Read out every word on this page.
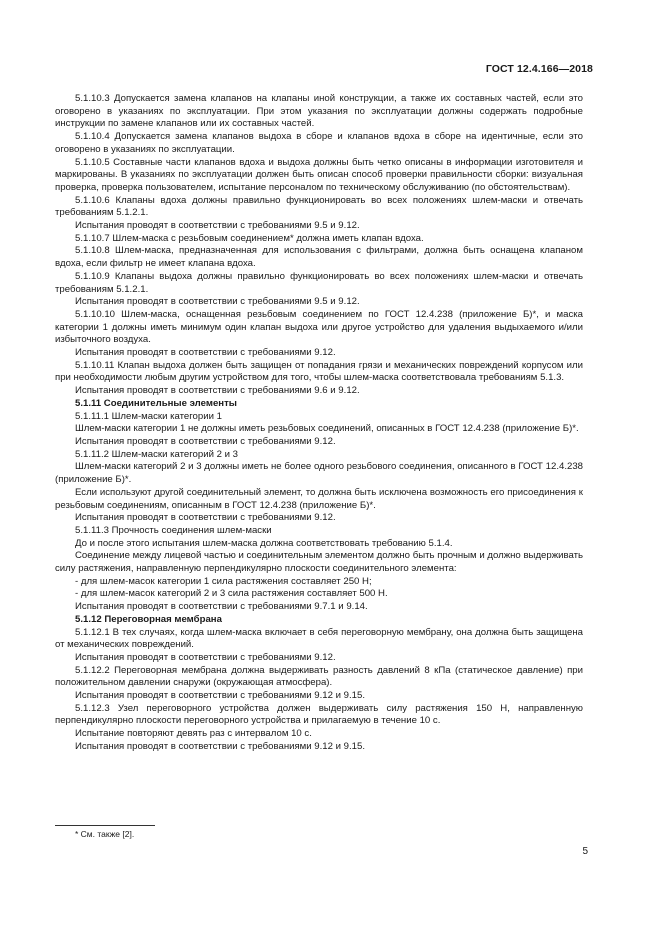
ГОСТ 12.4.166—2018

5.1.10.3 Допускается замена клапанов на клапаны иной конструкции, а также их составных частей, если это оговорено в указаниях по эксплуатации. При этом указания по эксплуатации должны содержать подробные инструкции по замене клапанов или их составных частей.

5.1.10.4 Допускается замена клапанов выдоха в сборе и клапанов вдоха в сборе на идентичные, если это оговорено в указаниях по эксплуатации.

5.1.10.5 Составные части клапанов вдоха и выдоха должны быть четко описаны в информации изготовителя и маркированы. В указаниях по эксплуатации должен быть описан способ проверки правильности сборки: визуальная проверка, проверка пользователем, испытание персоналом по техническому обслуживанию (по обстоятельствам).

5.1.10.6 Клапаны вдоха должны правильно функционировать во всех положениях шлем-маски и отвечать требованиям 5.1.2.1.

Испытания проводят в соответствии с требованиями 9.5 и 9.12.

5.1.10.7 Шлем-маска с резьбовым соединением* должна иметь клапан вдоха.

5.1.10.8 Шлем-маска, предназначенная для использования с фильтрами, должна быть оснащена клапаном вдоха, если фильтр не имеет клапана вдоха.

5.1.10.9 Клапаны выдоха должны правильно функционировать во всех положениях шлем-маски и отвечать требованиям 5.1.2.1.

Испытания проводят в соответствии с требованиями 9.5 и 9.12.

5.1.10.10 Шлем-маска, оснащенная резьбовым соединением по ГОСТ 12.4.238 (приложение Б)*, и маска категории 1 должны иметь минимум один клапан выдоха или другое устройство для удаления выдыхаемого и/или избыточного воздуха.

Испытания проводят в соответствии с требованиями 9.12.

5.1.10.11 Клапан выдоха должен быть защищен от попадания грязи и механических повреждений корпусом или при необходимости любым другим устройством для того, чтобы шлем-маска соответствовала требованиям 5.1.3.

Испытания проводят в соответствии с требованиями 9.6 и 9.12.

5.1.11 Соединительные элементы

5.1.11.1 Шлем-маски категории 1

Шлем-маски категории 1 не должны иметь резьбовых соединений, описанных в ГОСТ 12.4.238 (приложение Б)*.

Испытания проводят в соответствии с требованиями 9.12.

5.1.11.2 Шлем-маски категорий 2 и 3

Шлем-маски категорий 2 и 3 должны иметь не более одного резьбового соединения, описанного в ГОСТ 12.4.238 (приложение Б)*.

Если используют другой соединительный элемент, то должна быть исключена возможность его присоединения к резьбовым соединениям, описанным в ГОСТ 12.4.238 (приложение Б)*.

Испытания проводят в соответствии с требованиями 9.12.

5.1.11.3 Прочность соединения шлем-маски

До и после этого испытания шлем-маска должна соответствовать требованию 5.1.4.

Соединение между лицевой частью и соединительным элементом должно быть прочным и должно выдерживать силу растяжения, направленную перпендикулярно плоскости соединительного элемента:

- для шлем-масок категории 1 сила растяжения составляет 250 Н;

- для шлем-масок категорий 2 и 3 сила растяжения составляет 500 Н.

Испытания проводят в соответствии с требованиями 9.7.1 и 9.14.

5.1.12 Переговорная мембрана

5.1.12.1 В тех случаях, когда шлем-маска включает в себя переговорную мембрану, она должна быть защищена от механических повреждений.

Испытания проводят в соответствии с требованиями 9.12.

5.1.12.2 Переговорная мембрана должна выдерживать разность давлений 8 кПа (статическое давление) при положительном давлении снаружи (окружающая атмосфера).

Испытания проводят в соответствии с требованиями 9.12 и 9.15.

5.1.12.3 Узел переговорного устройства должен выдерживать силу растяжения 150 Н, направленную перпендикулярно плоскости переговорного устройства и прилагаемую в течение 10 с.

Испытание повторяют девять раз с интервалом 10 с.

Испытания проводят в соответствии с требованиями 9.12 и 9.15.

* См. также [2].
5
